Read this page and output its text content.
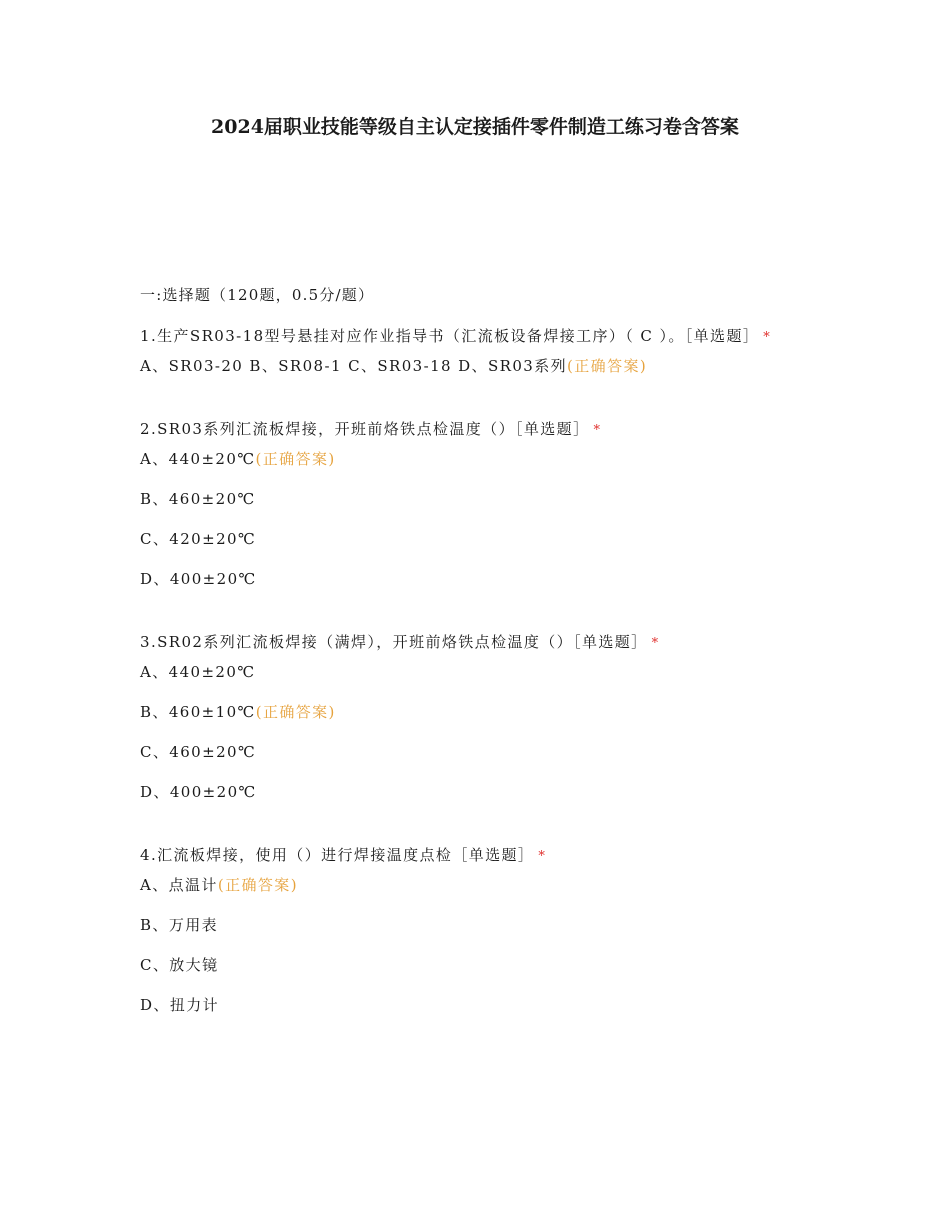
2024届职业技能等级自主认定接插件零件制造工练习卷含答案

一:选择题（120题，0.5分/题）

1.生产SR03-18型号悬挂对应作业指导书（汇流板设备焊接工序）（ C ）。［单选题］ *

A、SR03-20 B、SR08-1 C、SR03-18 D、SR03系列(正确答案)

2.SR03系列汇流板焊接，开班前烙铁点检温度（）［单选题］ *

A、440±20℃(正确答案)

B、460±20℃

C、420±20℃

D、400±20℃

3.SR02系列汇流板焊接（满焊），开班前烙铁点检温度（）［单选题］ *

A、440±20℃

B、460±10℃(正确答案)

C、460±20℃

D、400±20℃

4.汇流板焊接，使用（）进行焊接温度点检［单选题］ *

A、点温计(正确答案)

B、万用表

C、放大镜

D、扭力计
